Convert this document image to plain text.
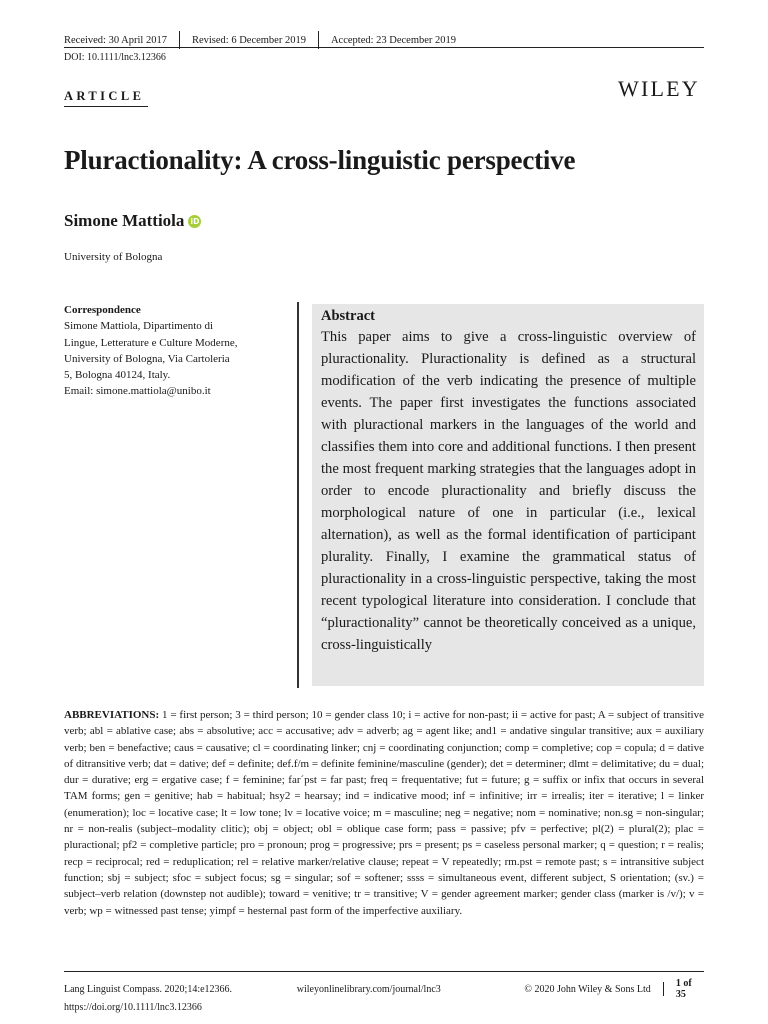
Received: 30 April 2017 Revised: 6 December 2019 Accepted: 23 December 2019
DOI: 10.1111/lnc3.12366
ARTICLE	WILEY
Pluractionality: A cross-linguistic perspective
Simone Mattiola iD
University of Bologna
Correspondence
Simone Mattiola, Dipartimento di
Lingue, Letterature e Culture Moderne,
University of Bologna, Via Cartoleria
5, Bologna 40124, Italy.
Email: simone.mattiola@unibo.it
Abstract

This paper aims to give a cross-linguistic overview of pluractionality. Pluractionality is defined as a structural modification of the verb indicating the presence of multiple events. The paper first investigates the functions associated with pluractional markers in the languages of the world and classifies them into core and additional functions. I then present the most frequent marking strategies that the languages adopt in order to encode pluractionality and briefly discuss the morphological nature of one in particular (i.e., lexical alternation), as well as the formal identification of participant plurality. Finally, I examine the grammatical status of pluractionality in a cross-linguistic perspective, taking the most recent typological literature into consideration. I conclude that “pluractionality” cannot be theoretically conceived as a unique, cross-linguistically

ABBREVIATIONS: 1 = first person; 3 = third person; 10 = gender class 10; i = active for non-past; ii = active for past; A = subject of transitive verb; abl = ablative case; abs = absolutive; acc = accusative; adv = adverb; ag = agent like; and1 = andative singular transitive; aux = auxiliary verb; ben = benefactive; caus = causative; cl = coordinating linker; cnj = coordinating conjunction; comp = completive; cop = copula; d = dative of ditransitive verb; dat = dative; def = definite; def.f/m = definite feminine/masculine (gender); det = determiner; dlmt = delimitative; du = dual; dur = durative; erg = ergative case; f = feminine; far´pst = far past; freq = frequentative; fut = future; g = suffix or infix that occurs in several TAM forms; gen = genitive; hab = habitual; hsy2 = hearsay; ind = indicative mood; inf = infinitive; irr = irrealis; iter = iterative; l = linker (enumeration); loc = locative case; lt = low tone; lv = locative voice; m = masculine; neg = negative; nom = nominative; non.sg = non-singular; nr = non-realis (subject–modality clitic); obj = object; obl = oblique case form; pass = passive; pfv = perfective; pl(2) = plural(2); plac = pluractional; pf2 = completive particle; pro = pronoun; prog = progressive; prs = present; ps = caseless personal marker; q = question; r = realis; recp = reciprocal; red = reduplication; rel = relative marker/relative clause; repeat = V repeatedly; rm.pst = remote past; s = intransitive subject function; sbj = subject; sfoc = subject focus; sg = singular; sof = softener; ssss = simultaneous event, different subject, S orientation; (sv.) = subject–verb relation (downstep not audible); toward = venitive; tr = transitive; V = gender agreement marker; gender class (marker is /v/); v = verb; wp = witnessed past tense; yimpf = hesternal past form of the imperfective auxiliary.
Lang Linguist Compass. 2020;14:e12366.	wileyonlinelibrary.com/journal/lnc3	© 2020 John Wiley & Sons Ltd	1 of 35
https://doi.org/10.1111/lnc3.12366
